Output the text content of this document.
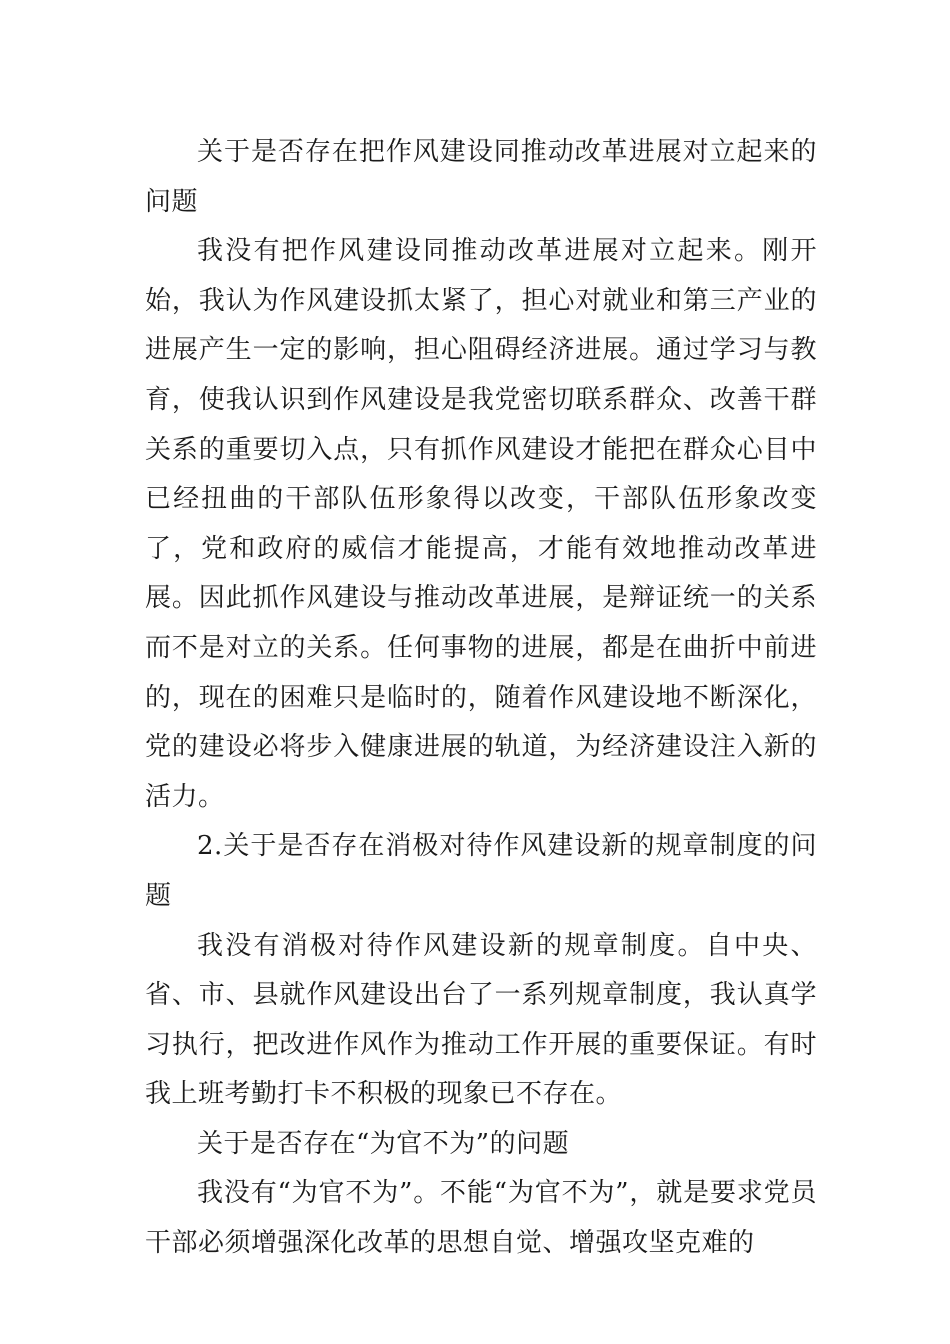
关于是否存在把作风建设同推动改革进展对立起来的问题

我没有把作风建设同推动改革进展对立起来。刚开始，我认为作风建设抓太紧了，担心对就业和第三产业的进展产生一定的影响，担心阻碍经济进展。通过学习与教育，使我认识到作风建设是我党密切联系群众、改善干群关系的重要切入点，只有抓作风建设才能把在群众心目中已经扭曲的干部队伍形象得以改变，干部队伍形象改变了，党和政府的威信才能提高，才能有效地推动改革进展。因此抓作风建设与推动改革进展，是辩证统一的关系而不是对立的关系。任何事物的进展，都是在曲折中前进的，现在的困难只是临时的，随着作风建设地不断深化，党的建设必将步入健康进展的轨道，为经济建设注入新的活力。

2.关于是否存在消极对待作风建设新的规章制度的问题

我没有消极对待作风建设新的规章制度。自中央、省、市、县就作风建设出台了一系列规章制度，我认真学习执行，把改进作风作为推动工作开展的重要保证。有时我上班考勤打卡不积极的现象已不存在。

关于是否存在“为官不为”的问题

我没有“为官不为”。不能“为官不为”，就是要求党员干部必须增强深化改革的思想自觉、增强攻坚克难的
